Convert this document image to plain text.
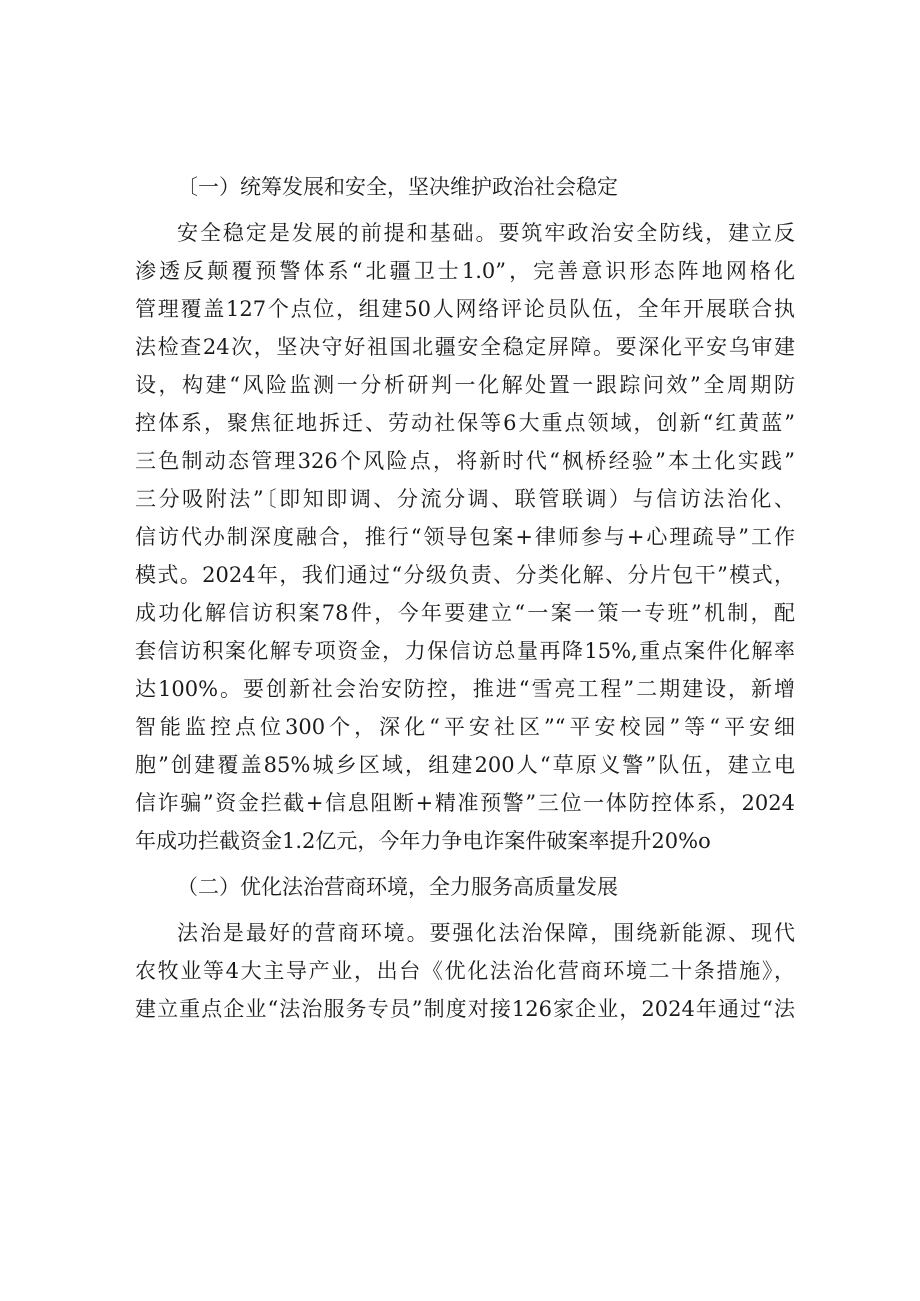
〔一）统筹发展和安全，坚决维护政治社会稳定
安全稳定是发展的前提和基础。要筑牢政治安全防线，建立反
渗透反颠覆预警体系“北疆卫士1.0”，完善意识形态阵地网格化
管理覆盖127个点位，组建50人网络评论员队伍，全年开展联合执
法检查24次，坚决守好祖国北疆安全稳定屏障。要深化平安乌审建
设，构建“风险监测一分析研判一化解处置一跟踪问效”全周期防
控体系，聚焦征地拆迁、劳动社保等6大重点领域，创新“红黄蓝”
三色制动态管理326个风险点，将新时代“枫桥经验”本土化实践”
三分吸附法”〔即知即调、分流分调、联管联调）与信访法治化、
信访代办制深度融合，推行“领导包案+律师参与+心理疏导”工作
模式。2024年，我们通过“分级负责、分类化解、分片包干”模式，
成功化解信访积案78件，今年要建立“一案一策一专班”机制，配
套信访积案化解专项资金，力保信访总量再降15%,重点案件化解率
达100%。要创新社会治安防控，推进“雪亮工程”二期建设，新增
智能监控点位300个，深化“平安社区”“平安校园”等“平安细
胞”创建覆盖85%城乡区域，组建200人“草原义警”队伍，建立电
信诈骗”资金拦截+信息阻断+精准预警”三位一体防控体系，2024
年成功拦截资金1.2亿元，今年力争电诈案件破案率提升20%o
（二）优化法治营商环境，全力服务高质量发展
法治是最好的营商环境。要强化法治保障，围绕新能源、现代
农牧业等4大主导产业，出台《优化法治化营商环境二十条措施》，
建立重点企业“法治服务专员”制度对接126家企业，2024年通过“法
